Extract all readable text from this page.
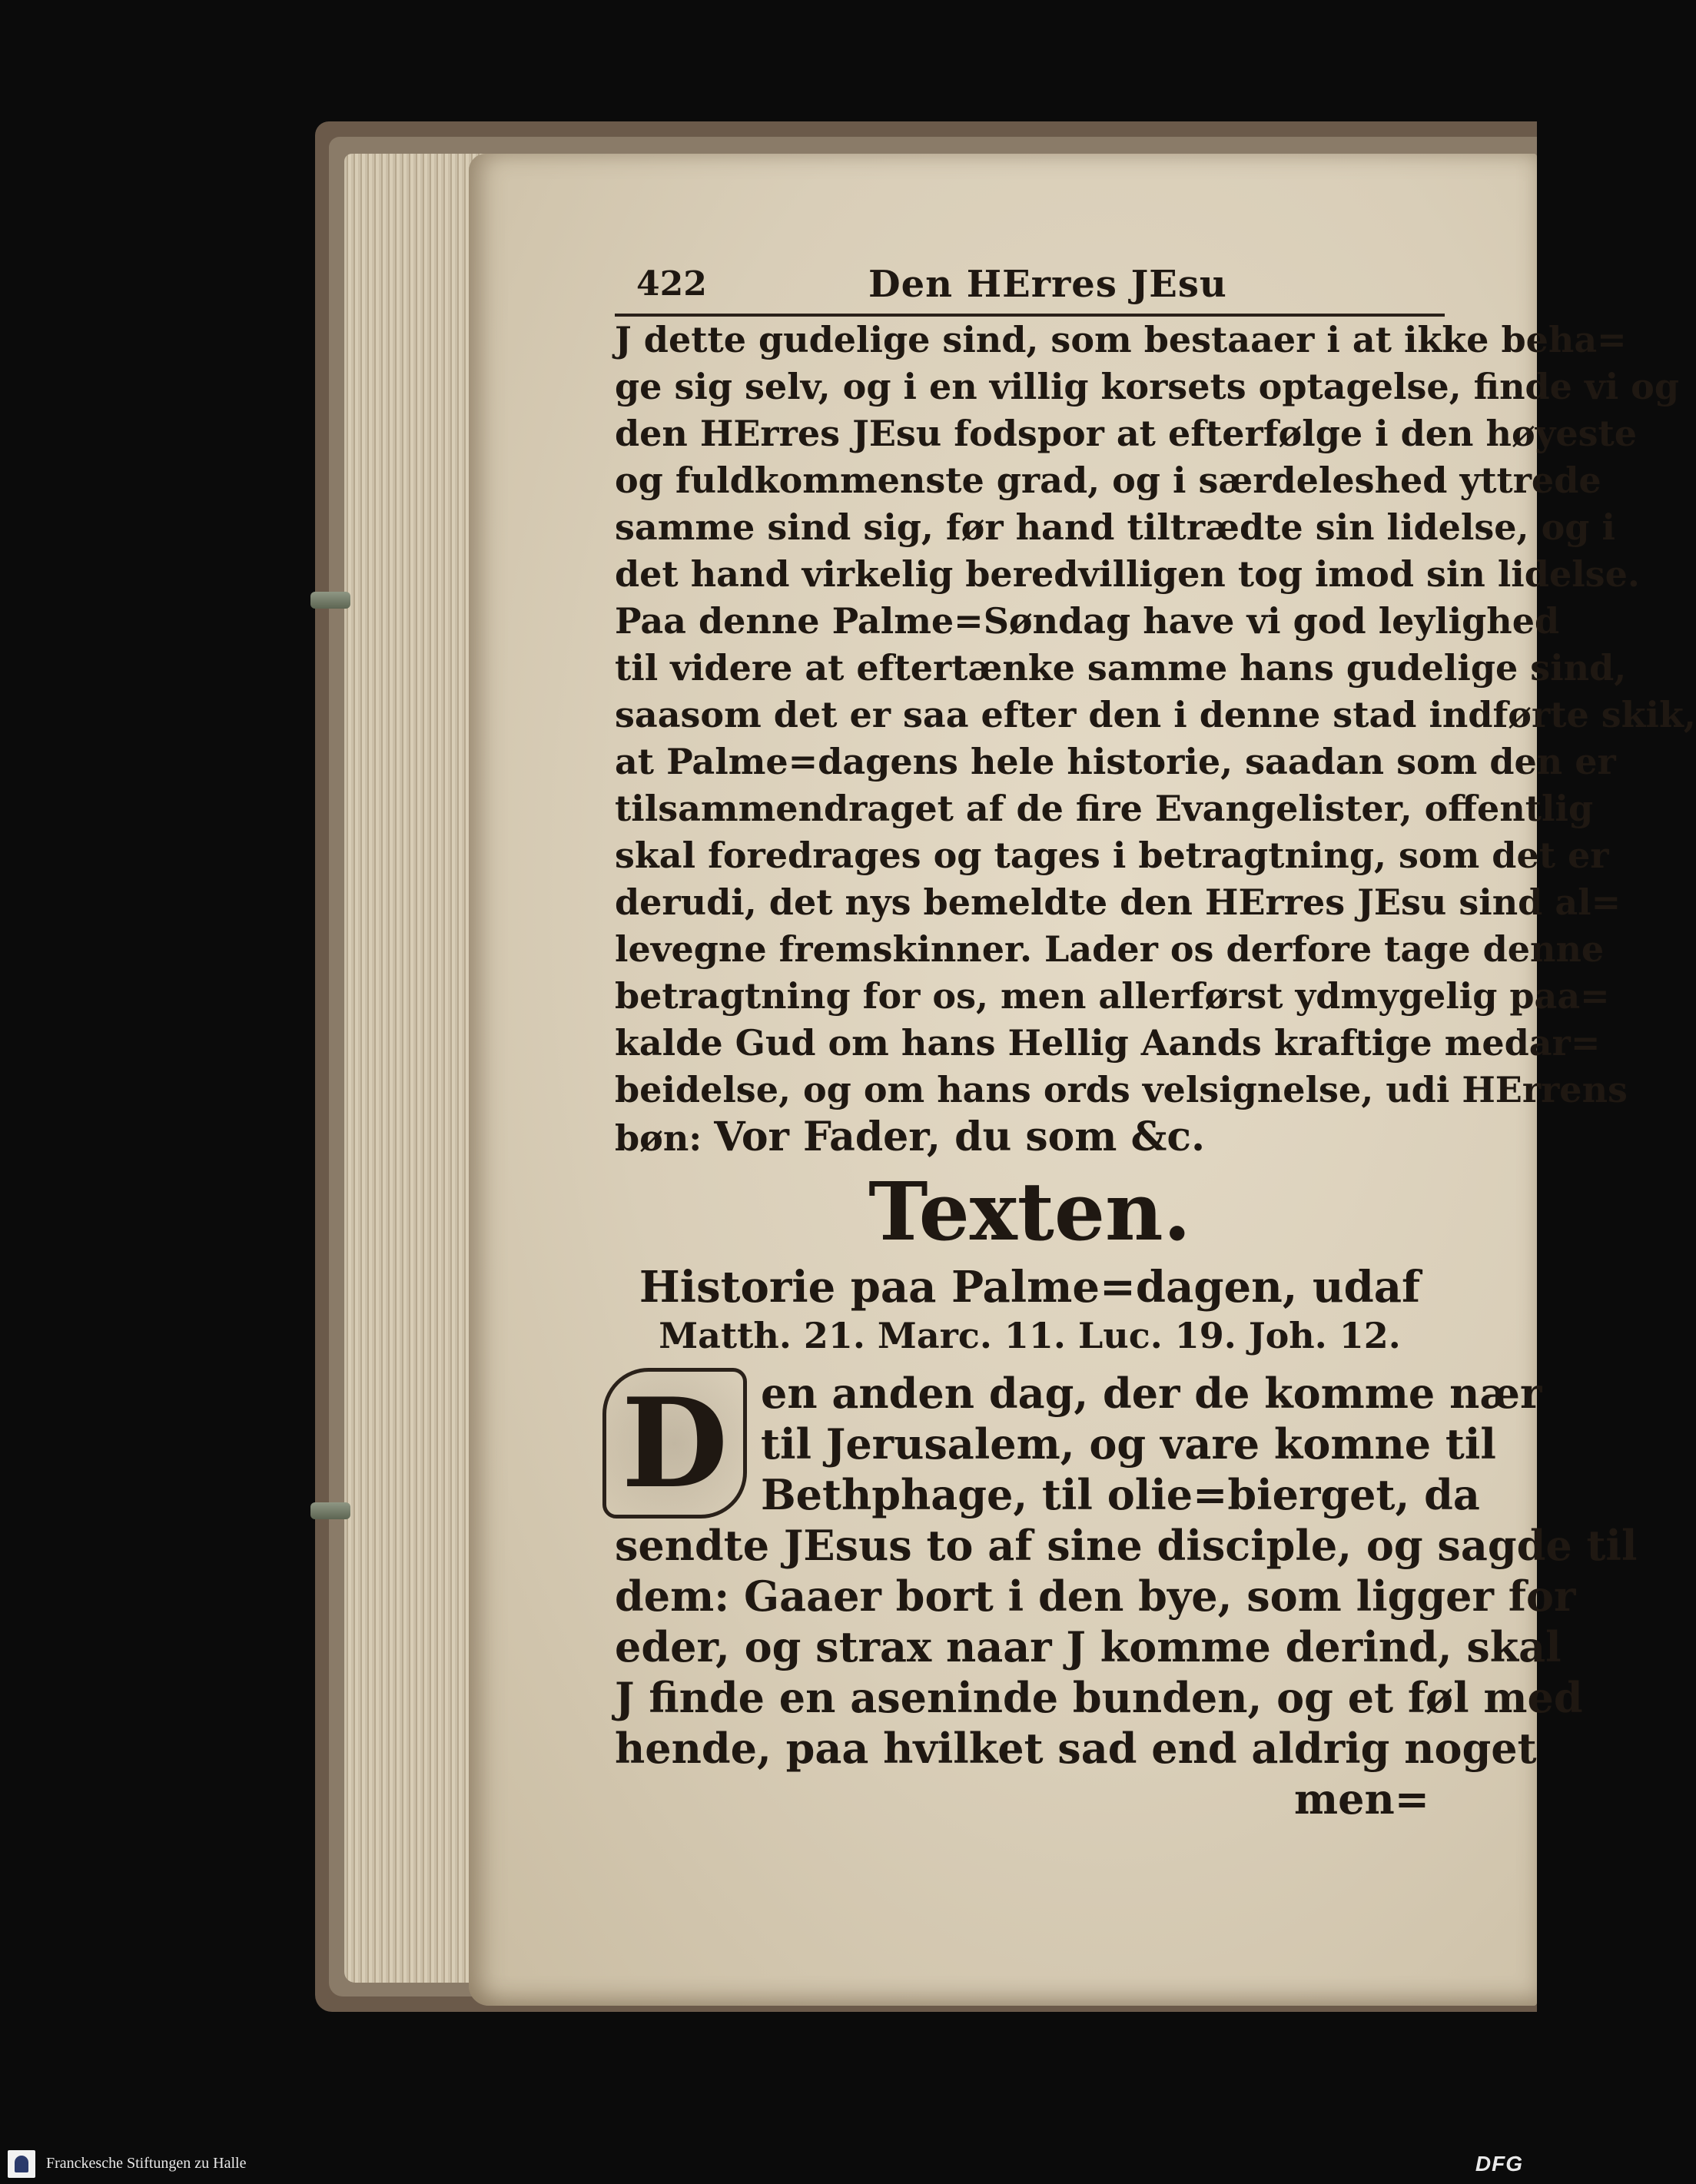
422	Den HErres JEsu
J dette gudelige sind, som bestaaer i at ikke beha=
ge sig selv, og i en villig korsets optagelse, finde vi og
den HErres JEsu fodspor at efterfølge i den høyeste
og fuldkommenste grad, og i særdeleshed yttrede
samme sind sig, før hand tiltrædte sin lidelse, og i
det hand virkelig beredvilligen tog imod sin lidelse.
Paa denne Palme=Søndag have vi god leylighed
til videre at eftertænke samme hans gudelige sind,
saasom det er saa efter den i denne stad indførte skik,
at Palme=dagens hele historie, saadan som den er
tilsammendraget af de fire Evangelister, offentlig
skal foredrages og tages i betragtning, som det er
derudi, det nys bemeldte den HErres JEsu sind al=
levegne fremskinner. Lader os derfore tage denne
betragtning for os, men allerførst ydmygelig paa=
kalde Gud om hans Hellig Aands kraftige medar=
beidelse, og om hans ords velsignelse, udi HErrens
bøn: Vor Fader, du som &c.
Texten.
Historie paa Palme=dagen, udaf
Matth. 21. Marc. 11. Luc. 19. Joh. 12.
D en anden dag, der de komme nær
til Jerusalem, og vare komne til
Bethphage, til olie=bierget, da
sendte JEsus to af sine disciple, og sagde til
dem: Gaaer bort i den bye, som ligger for
eder, og strax naar J komme derind, skal
J finde en aseninde bunden, og et føl med
hende, paa hvilket sad end aldrig noget
men=
Franckesche Stiftungen zu Halle	DFG
